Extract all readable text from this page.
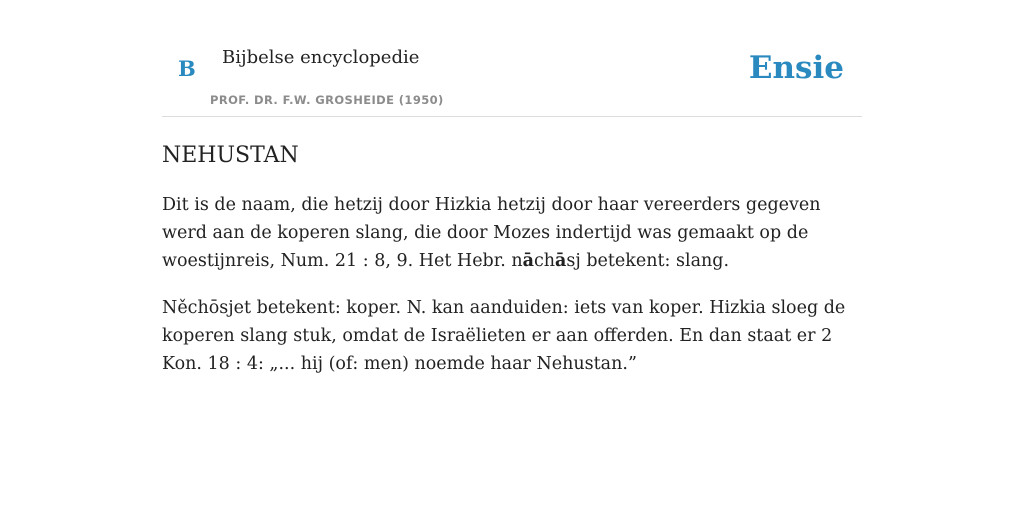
B Bijbelse encyclopedie
PROF. DR. F.W. GROSHEIDE (1950)
Ensie
NEHUSTAN

Dit is de naam, die hetzij door Hizkia hetzij door haar vereerders gegeven werd aan de koperen slang, die door Mozes indertijd was gemaakt op de woestijnreis, Num. 21 : 8, 9. Het Hebr. nāchāsj betekent: slang.

Něchōsjet betekent: koper. N. kan aanduiden: iets van koper. Hizkia sloeg de koperen slang stuk, omdat de Israëlieten er aan offerden. En dan staat er 2 Kon. 18 : 4: „... hij (of: men) noemde haar Nehustan.”
